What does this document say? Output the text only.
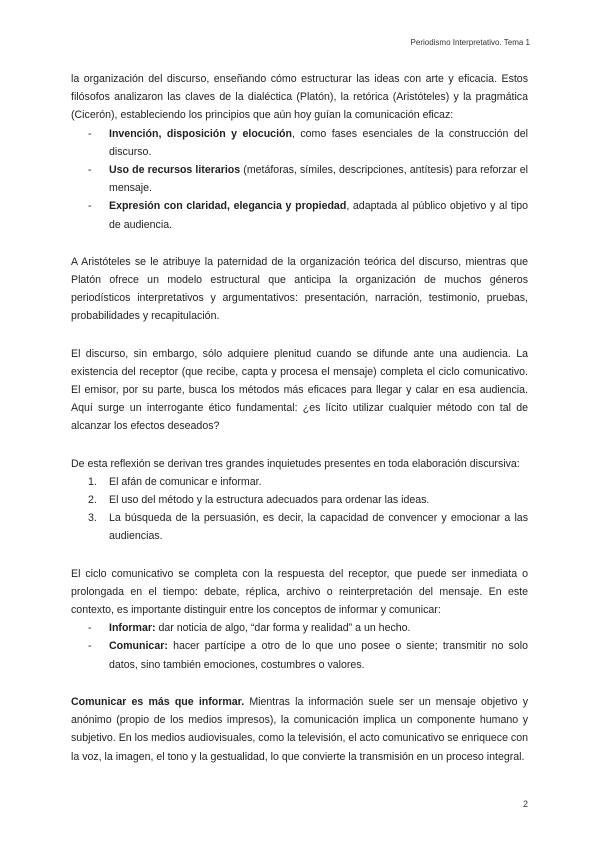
Periodismo Interpretativo. Tema 1

la organización del discurso, enseñando cómo estructurar las ideas con arte y eficacia. Estos filósofos analizaron las claves de la dialéctica (Platón), la retórica (Aristóteles) y la pragmática (Cicerón), estableciendo los principios que aún hoy guían la comunicación eficaz:

- Invención, disposición y elocución, como fases esenciales de la construcción del discurso.
- Uso de recursos literarios (metáforas, símiles, descripciones, antítesis) para reforzar el mensaje.
- Expresión con claridad, elegancia y propiedad, adaptada al público objetivo y al tipo de audiencia.

A Aristóteles se le atribuye la paternidad de la organización teórica del discurso, mientras que Platón ofrece un modelo estructural que anticipa la organización de muchos géneros periodísticos interpretativos y argumentativos: presentación, narración, testimonio, pruebas, probabilidades y recapitulación.

El discurso, sin embargo, sólo adquiere plenitud cuando se difunde ante una audiencia. La existencia del receptor (que recibe, capta y procesa el mensaje) completa el ciclo comunicativo. El emisor, por su parte, busca los métodos más eficaces para llegar y calar en esa audiencia. Aquí surge un interrogante ético fundamental: ¿es lícito utilizar cualquier método con tal de alcanzar los efectos deseados?

De esta reflexión se derivan tres grandes inquietudes presentes en toda elaboración discursiva:

1. El afán de comunicar e informar.
2. El uso del método y la estructura adecuados para ordenar las ideas.
3. La búsqueda de la persuasión, es decir, la capacidad de convencer y emocionar a las audiencias.

El ciclo comunicativo se completa con la respuesta del receptor, que puede ser inmediata o prolongada en el tiempo: debate, réplica, archivo o reinterpretación del mensaje. En este contexto, es importante distinguir entre los conceptos de informar y comunicar:

- Informar: dar noticia de algo, “dar forma y realidad” a un hecho.
- Comunicar: hacer partícipe a otro de lo que uno posee o siente; transmitir no solo datos, sino también emociones, costumbres o valores.

Comunicar es más que informar. Mientras la información suele ser un mensaje objetivo y anónimo (propio de los medios impresos), la comunicación implica un componente humano y subjetivo. En los medios audiovisuales, como la televisión, el acto comunicativo se enriquece con la voz, la imagen, el tono y la gestualidad, lo que convierte la transmisión en un proceso integral.

2
